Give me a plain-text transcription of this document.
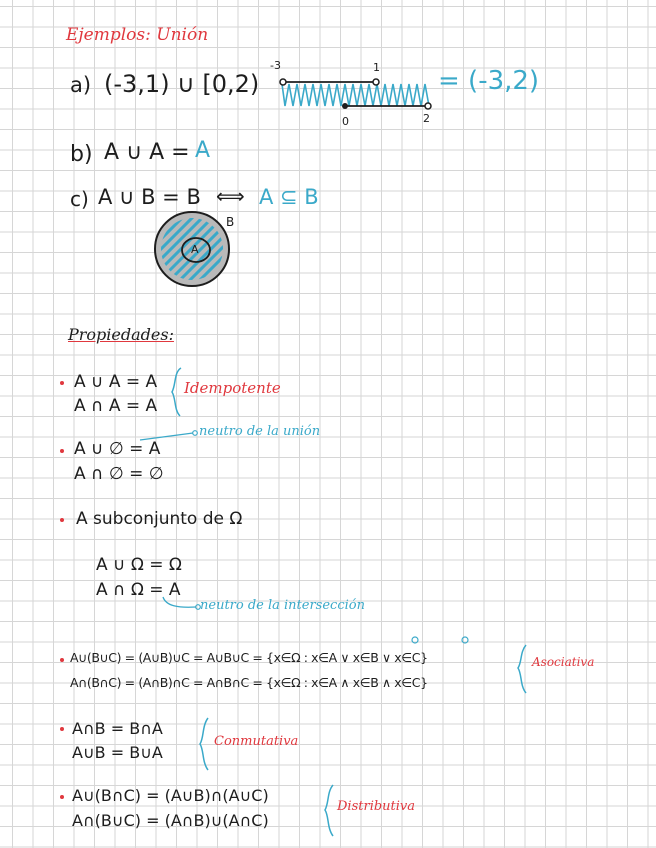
Ejemplos: Unión
a) (-3,1) ∪ [0,2)	= (-3,2)
-3	1
0	2
b) A ∪ A = A
c) A ∪ B = B ⟺ A ⊆ B
B
A
Propiedades:
A ∪ A = A
A ∩ A = A
Idempotente
A ∪ ∅ = A
A ∩ ∅ = ∅
neutro de la unión
A subconjunto de Ω
A ∪ Ω = Ω
A ∩ Ω = A
neutro de la intersección
A∪(B∪C) = (A∪B)∪C = A∪B∪C = {x∈Ω : x∈A ∨ x∈B ∨ x∈C}
A∩(B∩C) = (A∩B)∩C = A∩B∩C = {x∈Ω : x∈A ∧ x∈B ∧ x∈C}
Asociativa
A∩B = B∩A
A∪B = B∪A
Conmutativa
A∪(B∩C) = (A∪B)∩(A∪C)
A∩(B∪C) = (A∩B)∪(A∩C)
Distributiva
